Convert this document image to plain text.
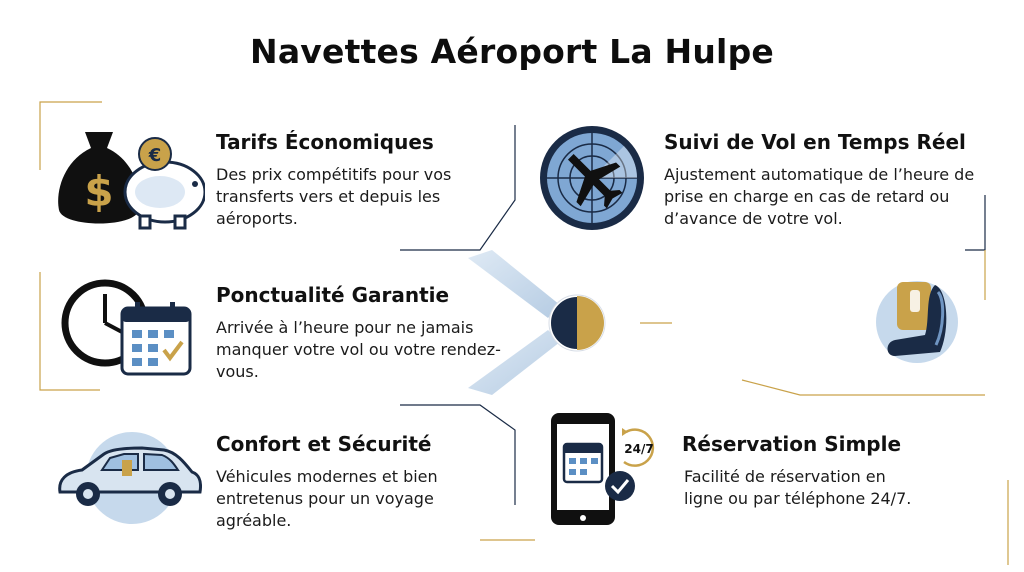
Navettes Aéroport La Hulpe
$
€
Tarifs Économiques
Des prix compétitifs pour vos transferts vers et depuis les aéroports.
Ponctualité Garantie
Arrivée à l’heure pour ne jamais manquer votre vol ou votre rendez-vous.
Confort et Sécurité
Véhicules modernes et bien entretenus pour un voyage agréable.
Suivi de Vol en Temps Réel
Ajustement automatique de l’heure de prise en charge en cas de retard ou d’avance de votre vol.
24/7	Réservation Simple
Facilité de réservation en ligne ou par téléphone 24/7.
